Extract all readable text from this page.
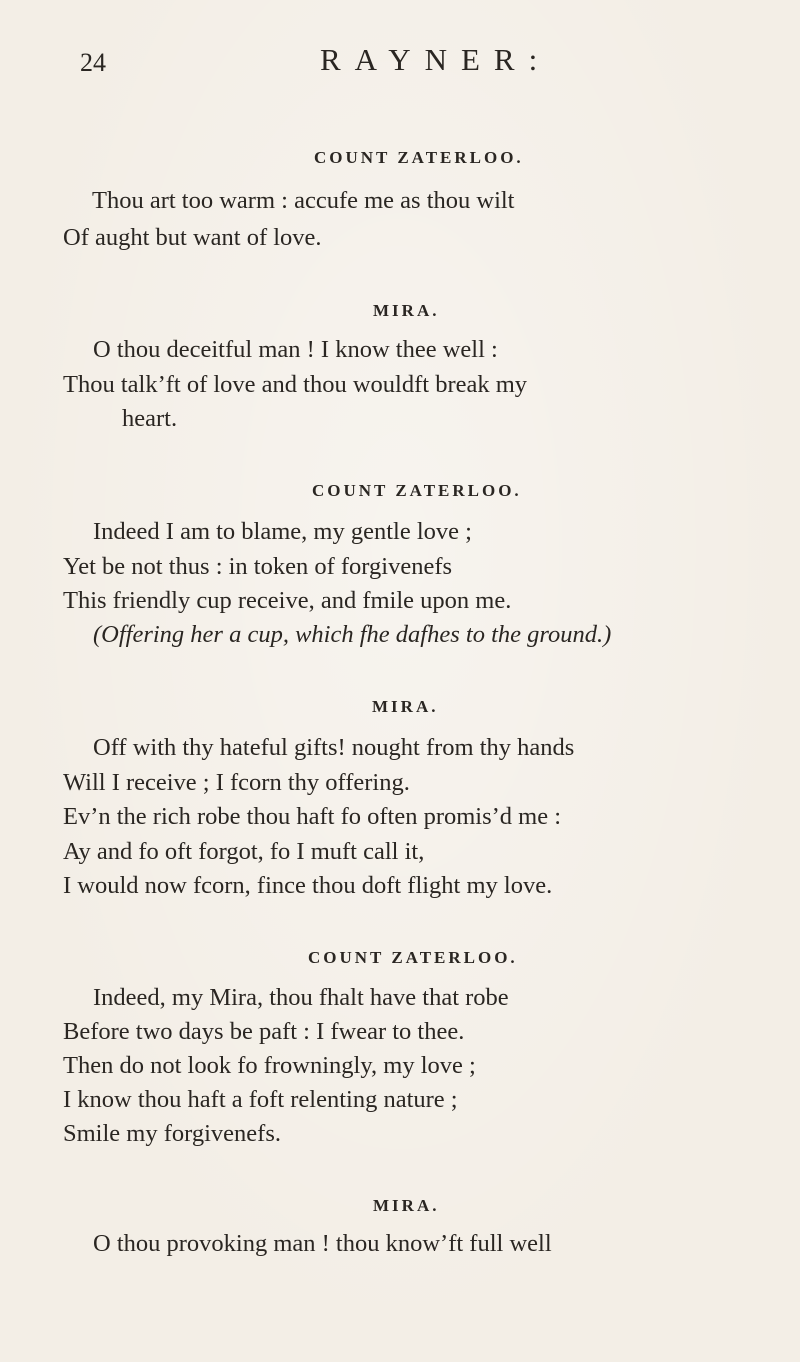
24	RAYNER:
COUNT ZATERLOO.
Thou art too warm : accufe me as thou wilt
Of aught but want of love.
MIRA.
O thou deceitful man ! I know thee well :
Thou talk’ft of love and thou wouldft break my
heart.
COUNT ZATERLOO.
Indeed I am to blame, my gentle love ;
Yet be not thus : in token of forgivenefs
This friendly cup receive, and fmile upon me.
(Offering her a cup, which fhe dafhes to the ground.)
MIRA.
Off with thy hateful gifts! nought from thy hands
Will I receive ; I fcorn thy offering.
Ev’n the rich robe thou haft fo often promis’d me :
Ay and fo oft forgot, fo I muft call it,
I would now fcorn, fince thou doft flight my love.
COUNT ZATERLOO.
Indeed, my Mira, thou fhalt have that robe
Before two days be paft : I fwear to thee.
Then do not look fo frowningly, my love ;
I know thou haft a foft relenting nature ;
Smile my forgivenefs.
MIRA.
O thou provoking man ! thou know’ft full well
